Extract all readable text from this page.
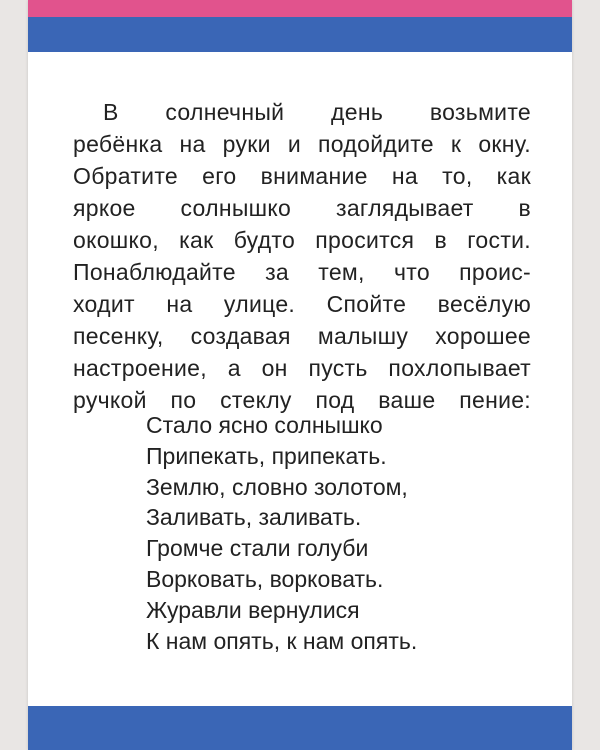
В солнечный день возьмите
ребёнка на руки и подойдите к окну.
Обратите его внимание на то, как
яркое солнышко заглядывает в
окошко, как будто просится в гости.
Понаблюдайте за тем, что проис-
ходит на улице. Спойте весёлую
песенку, создавая малышу хорошее
настроение, а он пусть похлопывает
ручкой по стеклу под ваше пение:
Стало ясно солнышко
Припекать, припекать.
Землю, словно золотом,
Заливать, заливать.
Громче стали голуби
Ворковать, ворковать.
Журавли вернулися
К нам опять, к нам опять.
